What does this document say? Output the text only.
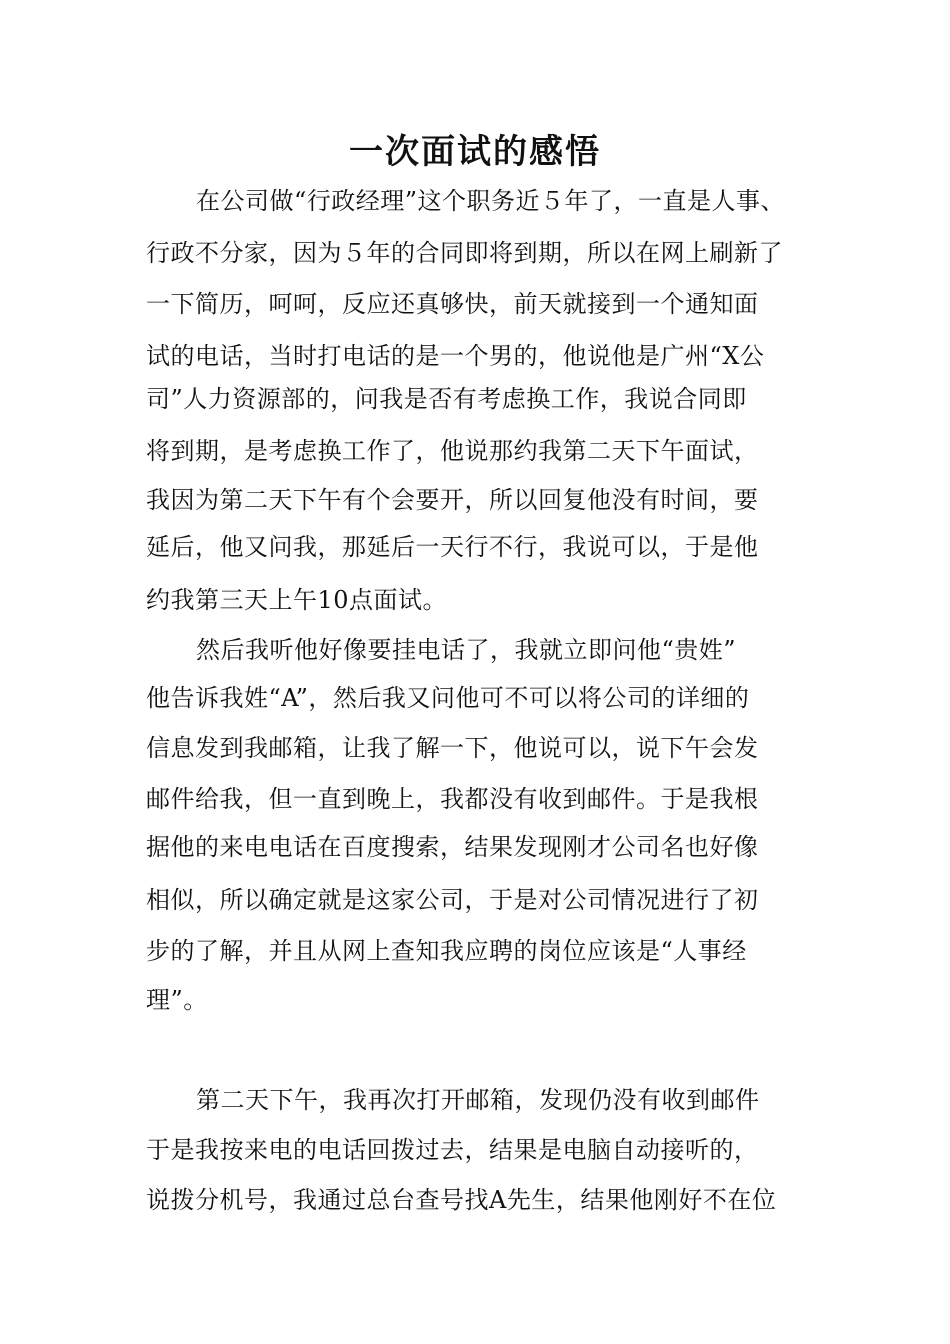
一次面试的感悟
在公司做“行政经理”这个职务近５年了，一直是人事、
行政不分家，因为５年的合同即将到期，所以在网上刷新了
一下简历，呵呵，反应还真够快，前天就接到一个通知面
试的电话，当时打电话的是一个男的，他说他是广州“X公
司”人力资源部的，问我是否有考虑换工作，我说合同即
将到期，是考虑换工作了，他说那约我第二天下午面试，
我因为第二天下午有个会要开，所以回复他没有时间，要
延后，他又问我，那延后一天行不行，我说可以，于是他
约我第三天上午10点面试。
然后我听他好像要挂电话了，我就立即问他“贵姓”
他告诉我姓“A”，然后我又问他可不可以将公司的详细的
信息发到我邮箱，让我了解一下，他说可以，说下午会发
邮件给我，但一直到晚上，我都没有收到邮件。于是我根
据他的来电电话在百度搜索，结果发现刚才公司名也好像
相似，所以确定就是这家公司，于是对公司情况进行了初
步的了解，并且从网上查知我应聘的岗位应该是“人事经
理”。
第二天下午，我再次打开邮箱，发现仍没有收到邮件
于是我按来电的电话回拨过去，结果是电脑自动接听的，
说拨分机号，我通过总台查号找A先生，结果他刚好不在位
